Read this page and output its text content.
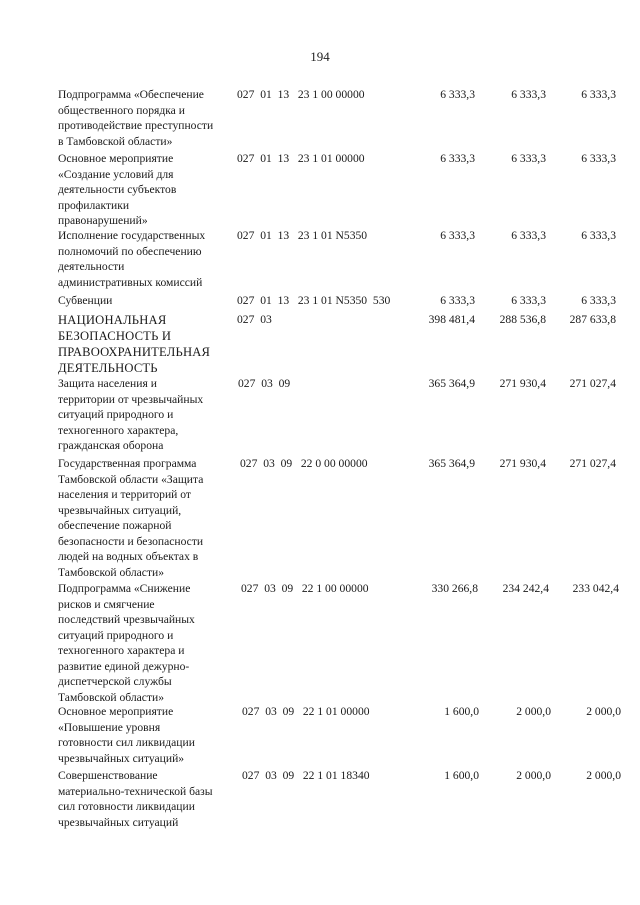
194
Подпрограмма «Обеспечение
общественного порядка и
противодействие преступности
в Тамбовской области»
027  01  13   23 1 00 00000	6 333,3	6 333,3	6 333,3
Основное мероприятие
«Создание условий для
деятельности субъектов
профилактики
правонарушений»
027  01  13   23 1 01 00000	6 333,3	6 333,3	6 333,3
Исполнение государственных
полномочий по обеспечению
деятельности
административных комиссий
027  01  13   23 1 01 N5350	6 333,3	6 333,3	6 333,3
Субвенции	027  01  13   23 1 01 N5350  530	6 333,3	6 333,3	6 333,3
НАЦИОНАЛЬНАЯ
БЕЗОПАСНОСТЬ И
ПРАВООХРАНИТЕЛЬНАЯ
ДЕЯТЕЛЬНОСТЬ
027  03	398 481,4	288 536,8	287 633,8
Защита населения и
территории от чрезвычайных
ситуаций природного и
техногенного характера,
гражданская оборона
027  03  09	365 364,9	271 930,4	271 027,4
Государственная программа
Тамбовской области «Защита
населения и территорий от
чрезвычайных ситуаций,
обеспечение пожарной
безопасности и безопасности
людей на водных объектах в
Тамбовской области»
027  03  09   22 0 00 00000	365 364,9	271 930,4	271 027,4
Подпрограмма «Снижение
рисков и смягчение
последствий чрезвычайных
ситуаций природного и
техногенного характера и
развитие единой дежурно-
диспетчерской службы
Тамбовской области»
027  03  09   22 1 00 00000	330 266,8	234 242,4	233 042,4
Основное мероприятие
«Повышение уровня
готовности сил ликвидации
чрезвычайных ситуаций»
027  03  09   22 1 01 00000	1 600,0	2 000,0	2 000,0
Совершенствование
материально-технической базы
сил готовности ликвидации
чрезвычайных ситуаций
027  03  09   22 1 01 18340	1 600,0	2 000,0	2 000,0
